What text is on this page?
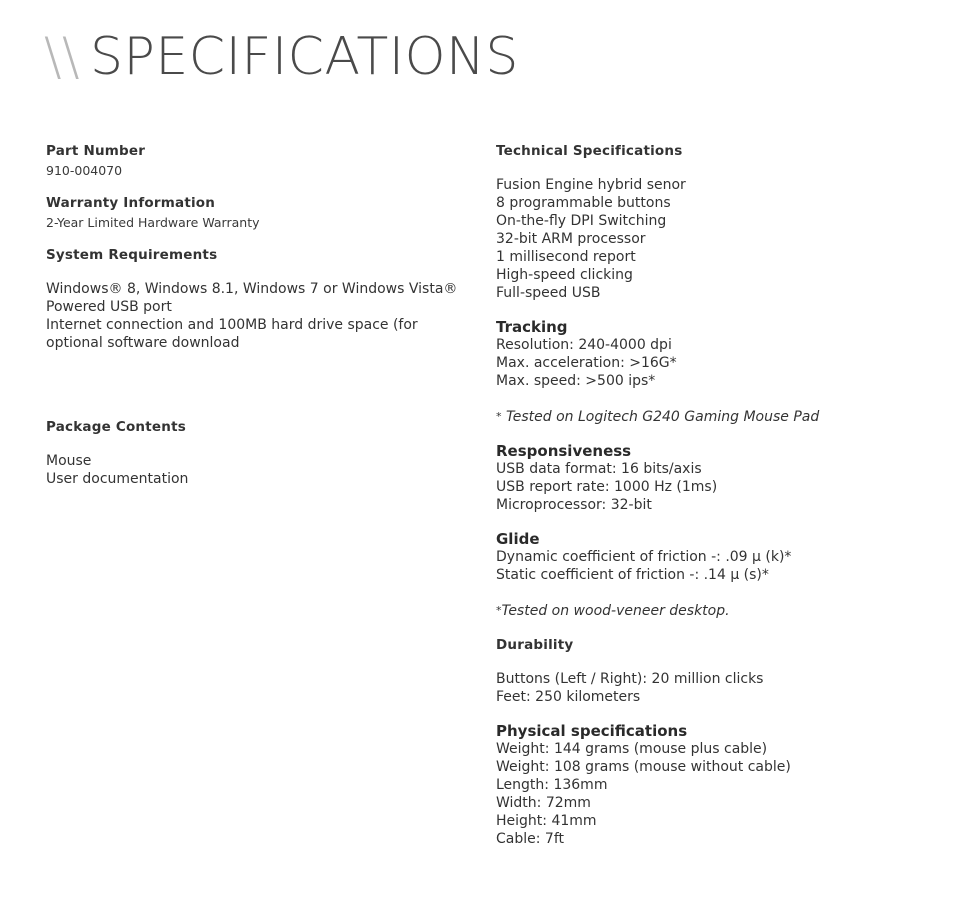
\\ SPECIFICATIONS

Part Number

910-004070

Warranty Information

2-Year Limited Hardware Warranty

System Requirements

Windows® 8, Windows 8.1, Windows 7 or Windows Vista®

Powered USB port

Internet connection and 100MB hard drive space (for

optional software download

Package Contents

Mouse

User documentation

Technical Specifications

Fusion Engine hybrid senor

8 programmable buttons

On-the-fly DPI Switching

32-bit ARM processor

1 millisecond report

High-speed clicking

Full-speed USB

Tracking

Resolution: 240-4000 dpi

Max. acceleration: >16G*

Max. speed: >500 ips*

* Tested on Logitech G240 Gaming Mouse Pad

Responsiveness

USB data format: 16 bits/axis

USB report rate: 1000 Hz (1ms)

Microprocessor: 32-bit

Glide

Dynamic coefficient of friction -: .09 µ (k)*

Static coefficient of friction -: .14 µ (s)*

*Tested on wood-veneer desktop.

Durability

Buttons (Left / Right): 20 million clicks

Feet: 250 kilometers

Physical specifications

Weight: 144 grams (mouse plus cable)

Weight: 108 grams (mouse without cable)

Length: 136mm

Width: 72mm

Height: 41mm

Cable: 7ft
